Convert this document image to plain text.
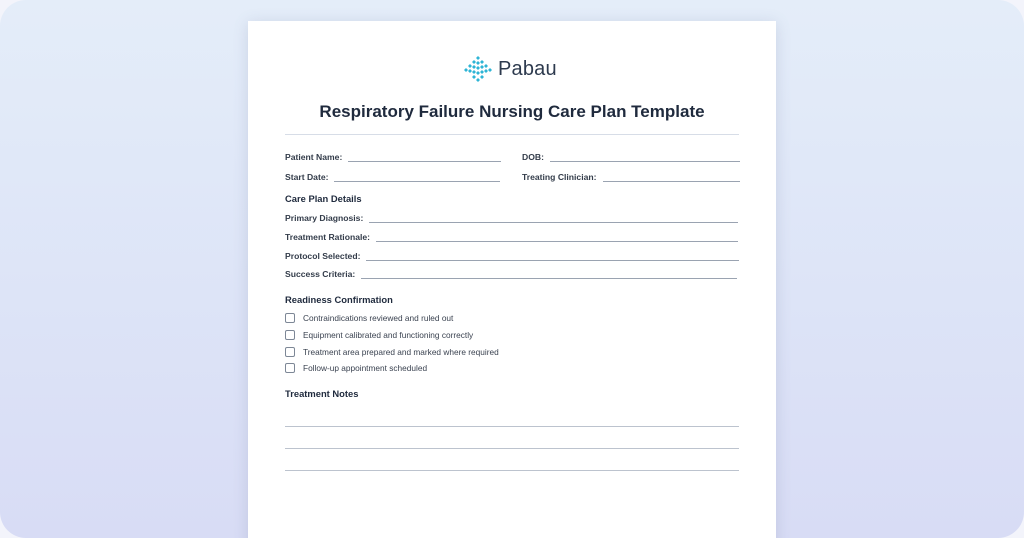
Pabau
Respiratory Failure Nursing Care Plan Template
Patient Name:	DOB:
Start Date:	Treating Clinician:
Care Plan Details
Primary Diagnosis:
Treatment Rationale:
Protocol Selected:
Success Criteria:
Readiness Confirmation
Contraindications reviewed and ruled out
Equipment calibrated and functioning correctly
Treatment area prepared and marked where required
Follow-up appointment scheduled
Treatment Notes
